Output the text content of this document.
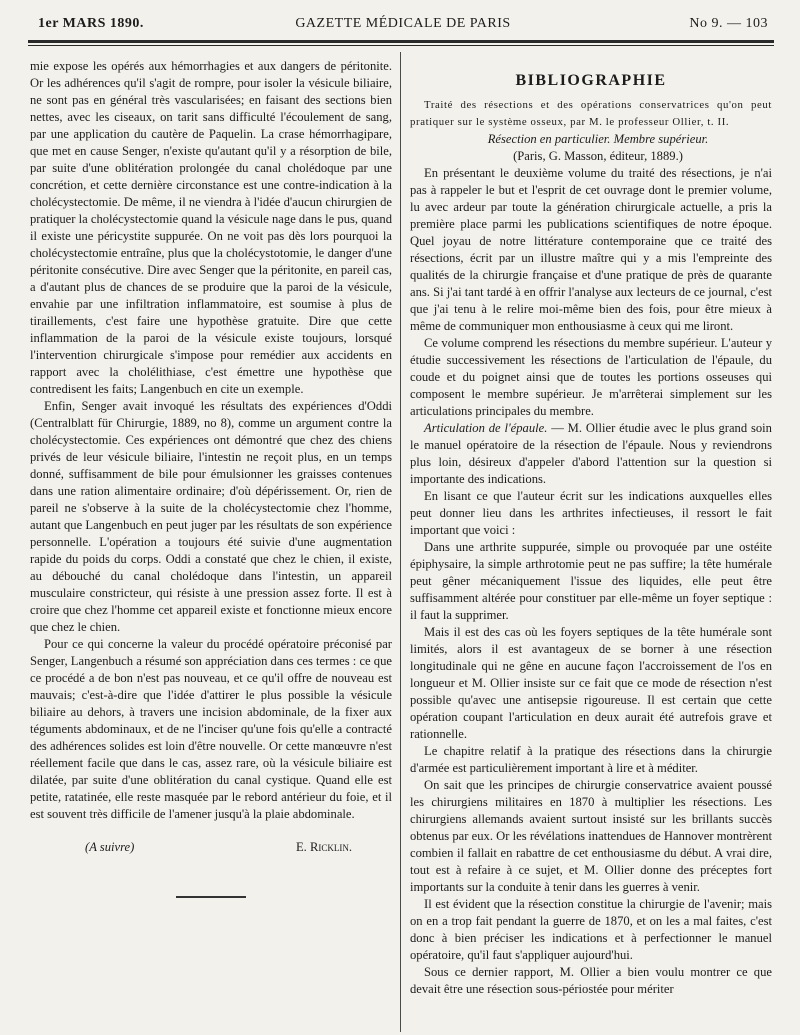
1er MARS 1890.	GAZETTE MÉDICALE DE PARIS	No 9. — 103

mie expose les opérés aux hémorrhagies et aux dangers de péritonite. Or les adhérences qu'il s'agit de rompre, pour isoler la vésicule biliaire, ne sont pas en général très vascularisées; en faisant des sections bien nettes, avec les ciseaux, on tarit sans difficulté l'écoulement de sang, par une application du cautère de Paquelin. La crase hémorrhagipare, que met en cause Senger, n'existe qu'autant qu'il y a résorption de bile, par suite d'une oblitération prolongée du canal cholédoque par une concrétion, et cette dernière circonstance est une contre-indication à la cholécystectomie. De même, il ne viendra à l'idée d'aucun chirurgien de pratiquer la cholécystectomie quand la vésicule nage dans le pus, quand il existe une péricystite suppurée. On ne voit pas dès lors pourquoi la cholécystectomie entraîne, plus que la cholécystotomie, le danger d'une péritonite consécutive. Dire avec Senger que la péritonite, en pareil cas, a d'autant plus de chances de se produire que la paroi de la vésicule, envahie par une infiltration inflammatoire, est soumise à plus de tiraillements, c'est faire une hypothèse gratuite. Dire que cette inflammation de la paroi de la vésicule existe toujours, lorsqué l'intervention chirurgicale s'impose pour remédier aux accidents en rapport avec la cholélithiase, c'est émettre une hypothèse que contredisent les faits; Langenbuch en cite un exemple.

Enfin, Senger avait invoqué les résultats des expériences d'Oddi (Centralblatt für Chirurgie, 1889, no 8), comme un argument contre la cholécystectomie. Ces expériences ont démontré que chez des chiens privés de leur vésicule biliaire, l'intestin ne reçoit plus, en un temps donné, suffisamment de bile pour émulsionner les graisses contenues dans une ration alimentaire ordinaire; d'où dépérissement. Or, rien de pareil ne s'observe à la suite de la cholécystectomie chez l'homme, autant que Langenbuch en peut juger par les résultats de son expérience personnelle. L'opération a toujours été suivie d'une augmentation rapide du poids du corps. Oddi a constaté que chez le chien, il existe, au débouché du canal cholédoque dans l'intestin, un appareil musculaire constricteur, qui résiste à une pression assez forte. Il est à croire que chez l'homme cet appareil existe et fonctionne mieux encore que chez le chien.

Pour ce qui concerne la valeur du procédé opératoire préconisé par Senger, Langenbuch a résumé son appréciation dans ces termes : ce que ce procédé a de bon n'est pas nouveau, et ce qu'il offre de nouveau est mauvais; c'est-à-dire que l'idée d'attirer le plus possible la vésicule biliaire au dehors, à travers une incision abdominale, de la fixer aux téguments abdominaux, et de ne l'inciser qu'une fois qu'elle a contracté des adhérences solides est loin d'être nouvelle. Or cette manœuvre n'est réellement facile que dans le cas, assez rare, où la vésicule biliaire est dilatée, par suite d'une oblitération du canal cystique. Quand elle est petite, ratatinée, elle reste masquée par le rebord antérieur du foie, et il est souvent très difficile de l'amener jusqu'à la plaie abdominale.

(A suivre)	E. Ricklin.
BIBLIOGRAPHIE

Traité des résections et des opérations conservatrices qu'on peut pratiquer sur le système osseux, par M. le professeur Ollier, t. II.

Résection en particulier. Membre supérieur.

(Paris, G. Masson, éditeur, 1889.)

En présentant le deuxième volume du traité des résections, je n'ai pas à rappeler le but et l'esprit de cet ouvrage dont le premier volume, lu avec ardeur par toute la génération chirurgicale actuelle, a pris la première place parmi les publications scientifiques de notre époque. Quel joyau de notre littérature contemporaine que ce traité des résections, écrit par un illustre maître qui y a mis l'empreinte des qualités de la chirurgie française et d'une pratique de près de quarante ans. Si j'ai tant tardé à en offrir l'analyse aux lecteurs de ce journal, c'est que j'ai tenu à le relire moi-même bien des fois, pour être mieux à même de communiquer mon enthousiasme à ceux qui me liront.

Ce volume comprend les résections du membre supérieur. L'auteur y étudie successivement les résections de l'articulation de l'épaule, du coude et du poignet ainsi que de toutes les portions osseuses qui composent le membre supérieur. Je m'arrêterai simplement sur les articulations principales du membre.

Articulation de l'épaule. — M. Ollier étudie avec le plus grand soin le manuel opératoire de la résection de l'épaule. Nous y reviendrons plus loin, désireux d'appeler d'abord l'attention sur la question si importante des indications.

En lisant ce que l'auteur écrit sur les indications auxquelles elles peut donner lieu dans les arthrites infectieuses, il ressort le fait important que voici :

Dans une arthrite suppurée, simple ou provoquée par une ostéite épiphysaire, la simple arthrotomie peut ne pas suffire; la tête humérale peut gêner mécaniquement l'issue des liquides, elle peut être suffisamment altérée pour constituer par elle-même un foyer septique : il faut la supprimer.

Mais il est des cas où les foyers septiques de la tête humérale sont limités, alors il est avantageux de se borner à une résection longitudinale qui ne gêne en aucune façon l'accroissement de l'os en longueur et M. Ollier insiste sur ce fait que ce mode de résection n'est possible qu'avec une antisepsie rigoureuse. Il est certain que cette opération coupant l'articulation en deux aurait été autrefois grave et rationnelle.

Le chapitre relatif à la pratique des résections dans la chirurgie d'armée est particulièrement important à lire et à méditer.

On sait que les principes de chirurgie conservatrice avaient poussé les chirurgiens militaires en 1870 à multiplier les résections. Les chirurgiens allemands avaient surtout insisté sur les brillants succès obtenus par eux. Or les révélations inattendues de Hannover montrèrent combien il fallait en rabattre de cet enthousiasme du début. A vrai dire, tout est à refaire à ce sujet, et M. Ollier donne des préceptes fort importants sur la conduite à tenir dans les guerres à venir.

Il est évident que la résection constitue la chirurgie de l'avenir; mais on en a trop fait pendant la guerre de 1870, et on les a mal faites, c'est donc à bien préciser les indications et à perfectionner le manuel opératoire, qu'il faut s'appliquer aujourd'hui.

Sous ce dernier rapport, M. Ollier a bien voulu montrer ce que devait être une résection sous-périostée pour mériter
